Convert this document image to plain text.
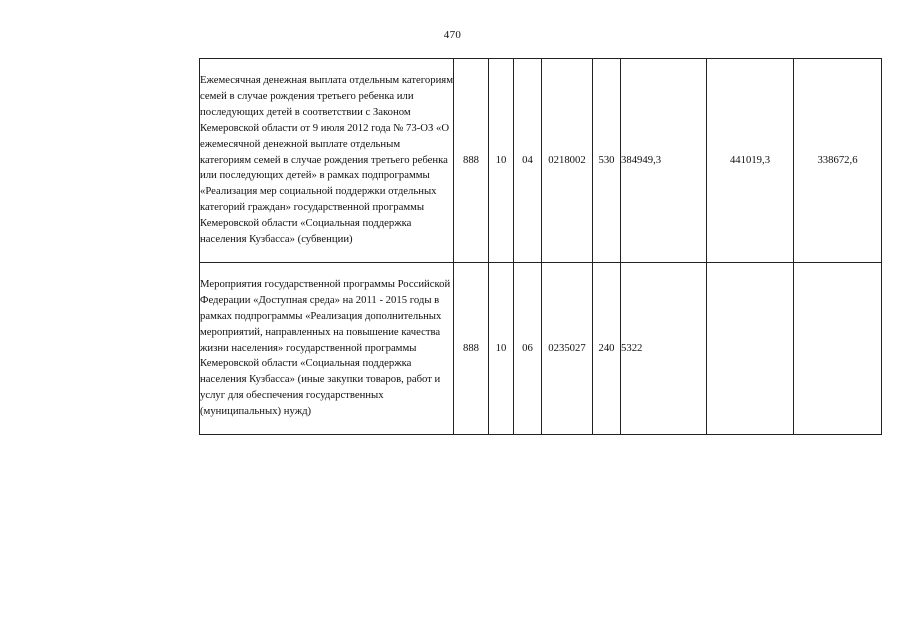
470
Ежемесячная денежная выплата отдельным категориям семей в случае рождения третьего ребенка или последующих детей в соответствии с Законом Кемеровской области от 9 июля 2012 года № 73-ОЗ «О ежемесячной денежной выплате отдельным категориям семей в случае рождения третьего ребенка или последующих детей» в рамках подпрограммы «Реализация мер социальной поддержки отдельных категорий граждан» государственной программы Кемеровской области «Социальная поддержка населения Кузбасса» (субвенции)	888	10	04	0218002	530	384949,3	441019,3	338672,6
Мероприятия государственной программы Российской Федерации «Доступная среда» на 2011 - 2015 годы в рамках подпрограммы «Реализация дополнительных мероприятий, направленных на повышение качества жизни населения» государственной программы Кемеровской области «Социальная поддержка населения Кузбасса» (иные закупки товаров, работ и услуг для обеспечения государственных (муниципальных) нужд)	888	10	06	0235027	240	5322		
